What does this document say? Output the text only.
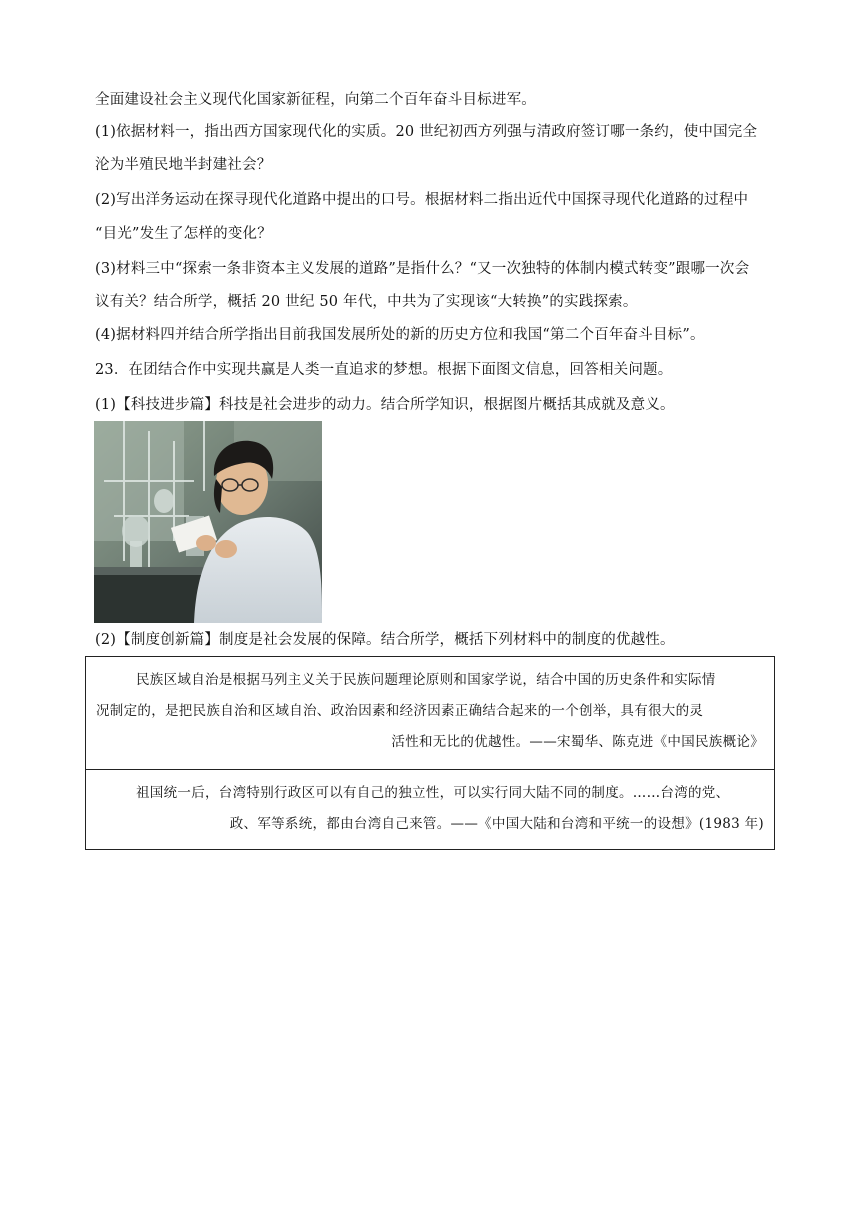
全面建设社会主义现代化国家新征程，向第二个百年奋斗目标进军。
(1)依据材料一，指出西方国家现代化的实质。20 世纪初西方列强与清政府签订哪一条约，使中国完全
沦为半殖民地半封建社会？
(2)写出洋务运动在探寻现代化道路中提出的口号。根据材料二指出近代中国探寻现代化道路的过程中
“目光”发生了怎样的变化？
(3)材料三中“探索一条非资本主义发展的道路”是指什么？“又一次独特的体制内模式转变”跟哪一次会
议有关？结合所学，概括 20 世纪 50 年代，中共为了实现该“大转换”的实践探索。
(4)据材料四并结合所学指出目前我国发展所处的新的历史方位和我国“第二个百年奋斗目标”。
23．在团结合作中实现共赢是人类一直追求的梦想。根据下面图文信息，回答相关问题。
(1)【科技进步篇】科技是社会进步的动力。结合所学知识，根据图片概括其成就及意义。
(2)【制度创新篇】制度是社会发展的保障。结合所学，概括下列材料中的制度的优越性。
民族区域自治是根据马列主义关于民族问题理论原则和国家学说，结合中国的历史条件和实际情
况制定的，是把民族自治和区域自治、政治因素和经济因素正确结合起来的一个创举，具有很大的灵
活性和无比的优越性。——宋蜀华、陈克进《中国民族概论》

祖国统一后，台湾特别行政区可以有自己的独立性，可以实行同大陆不同的制度。……台湾的党、
政、军等系统，都由台湾自己来管。——《中国大陆和台湾和平统一的设想》(1983 年)
